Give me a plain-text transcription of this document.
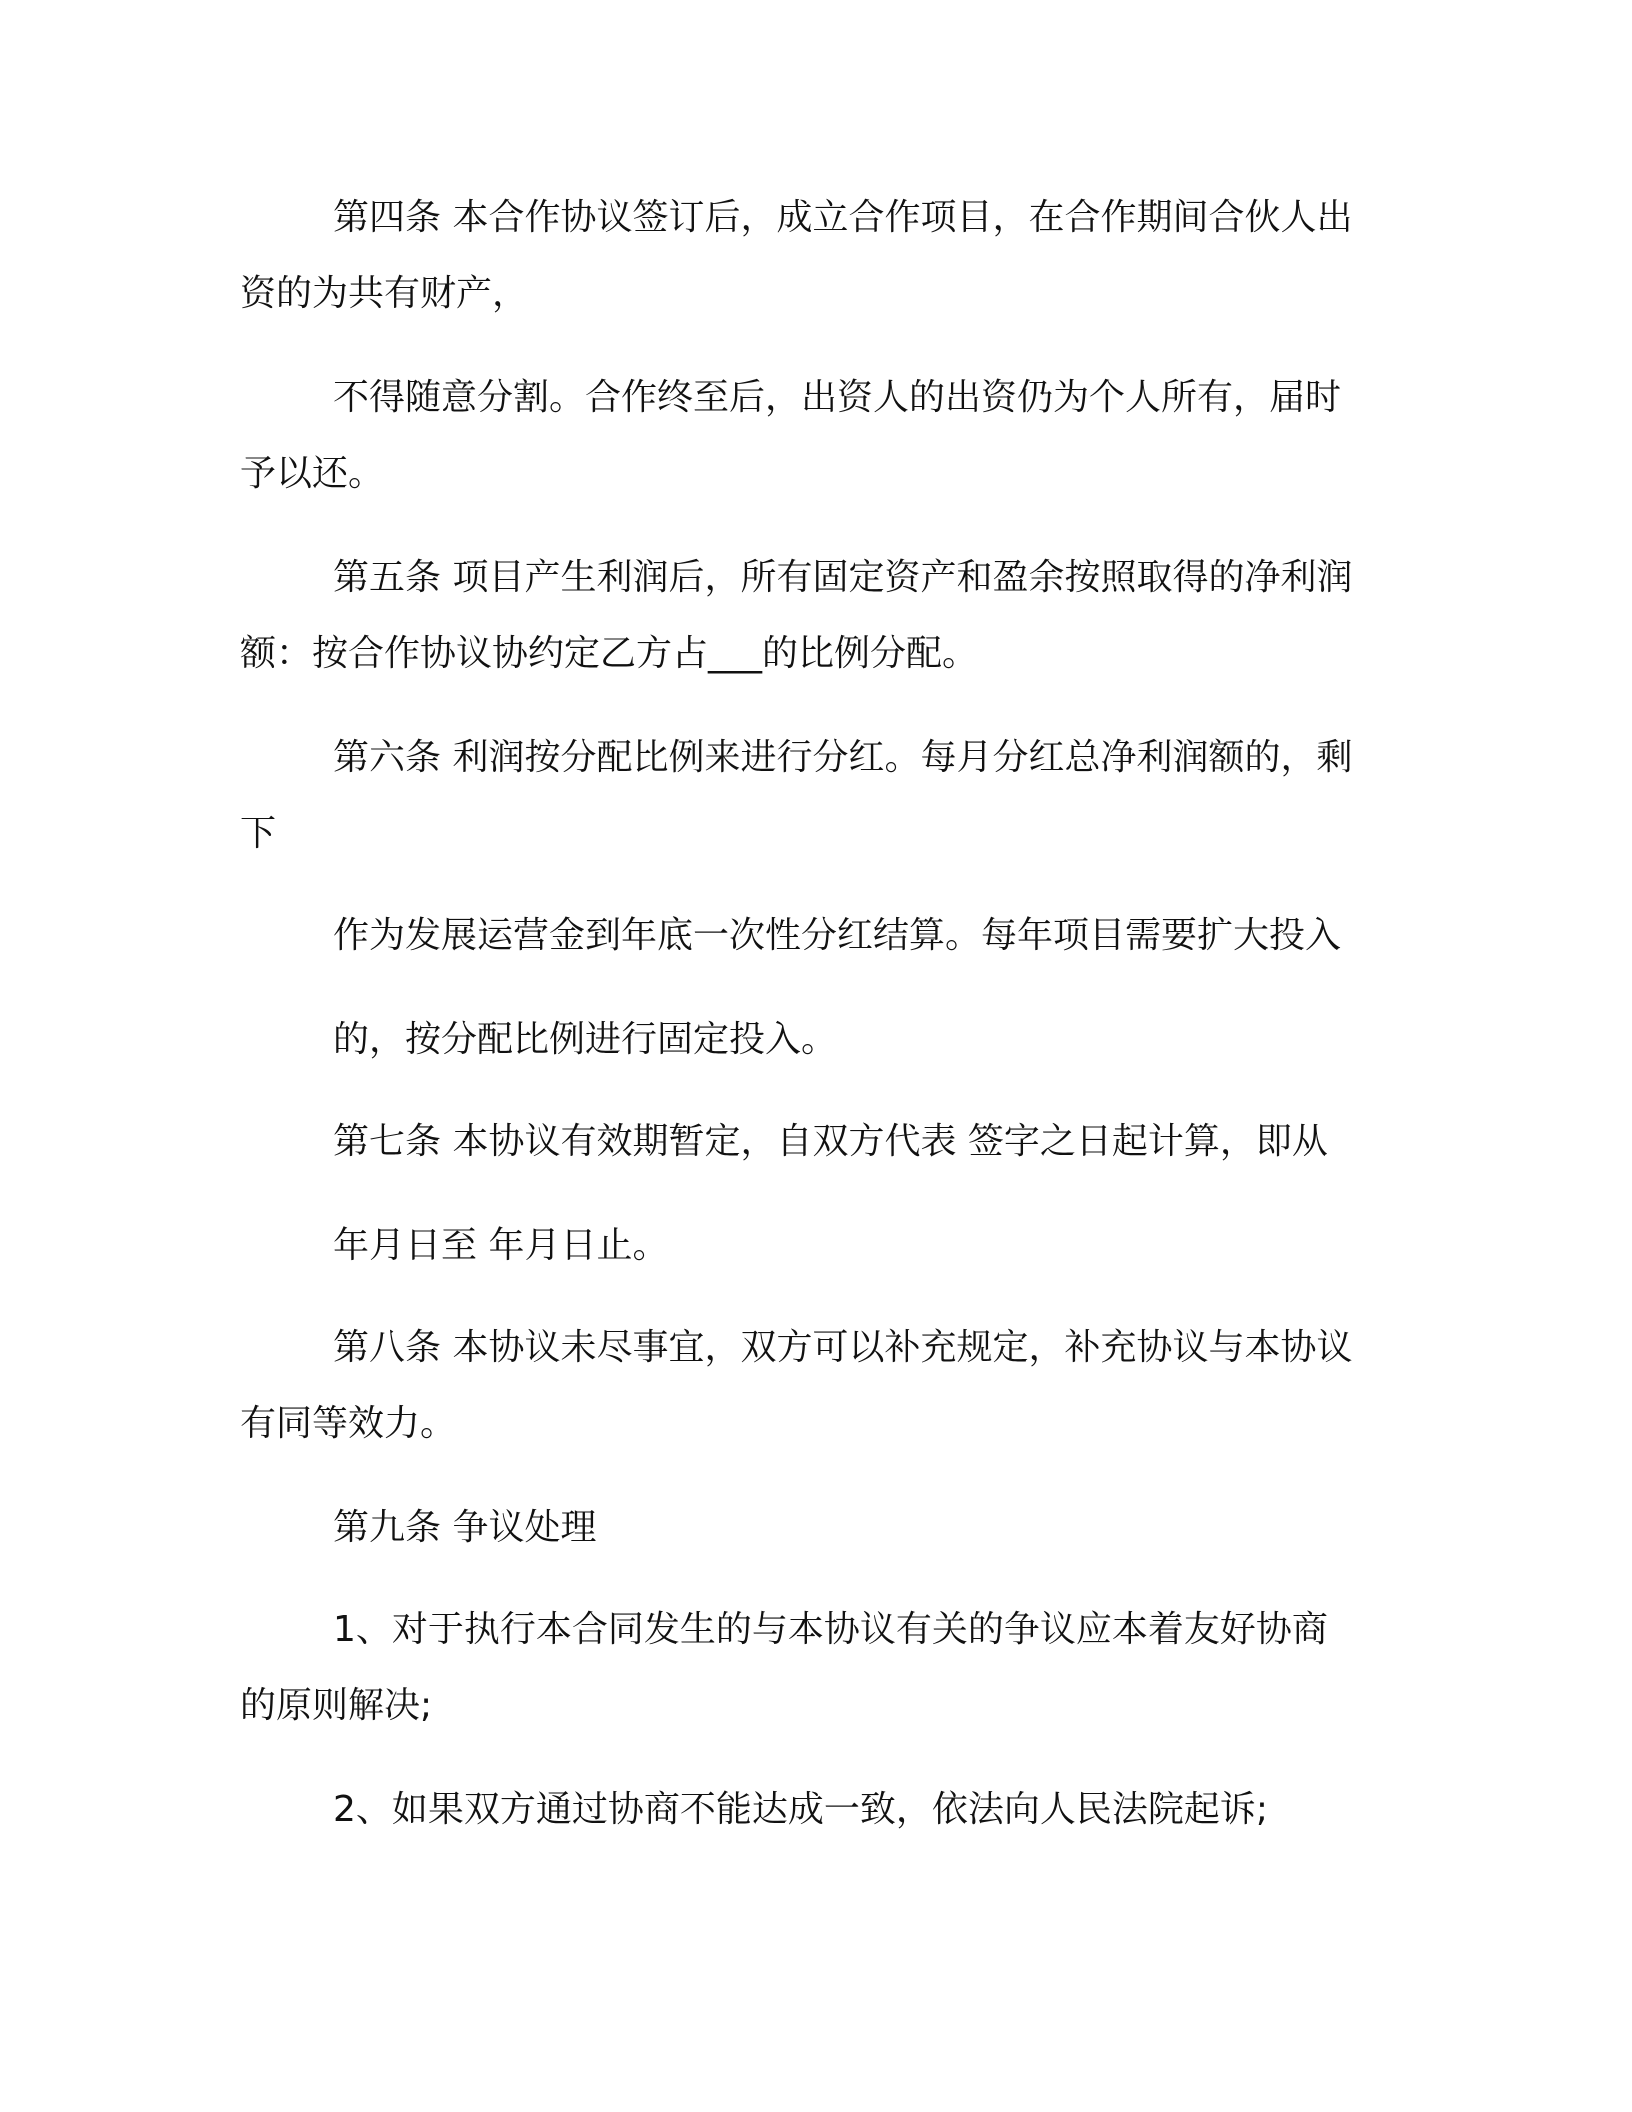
第四条 本合作协议签订后，成立合作项目，在合作期间合伙人出
资的为共有财产，
不得随意分割。合作终至后，出资人的出资仍为个人所有，届时
予以还。
第五条 项目产生利润后，所有固定资产和盈余按照取得的净利润
额：按合作协议协约定乙方占___的比例分配。
第六条 利润按分配比例来进行分红。每月分红总净利润额的，剩
下
作为发展运营金到年底一次性分红结算。每年项目需要扩大投入
的，按分配比例进行固定投入。
第七条 本协议有效期暂定，自双方代表 签字之日起计算，即从
年月日至 年月日止。
第八条 本协议未尽事宜，双方可以补充规定，补充协议与本协议
有同等效力。
第九条 争议处理
1、对于执行本合同发生的与本协议有关的争议应本着友好协商
的原则解决;
2、如果双方通过协商不能达成一致，依法向人民法院起诉;
